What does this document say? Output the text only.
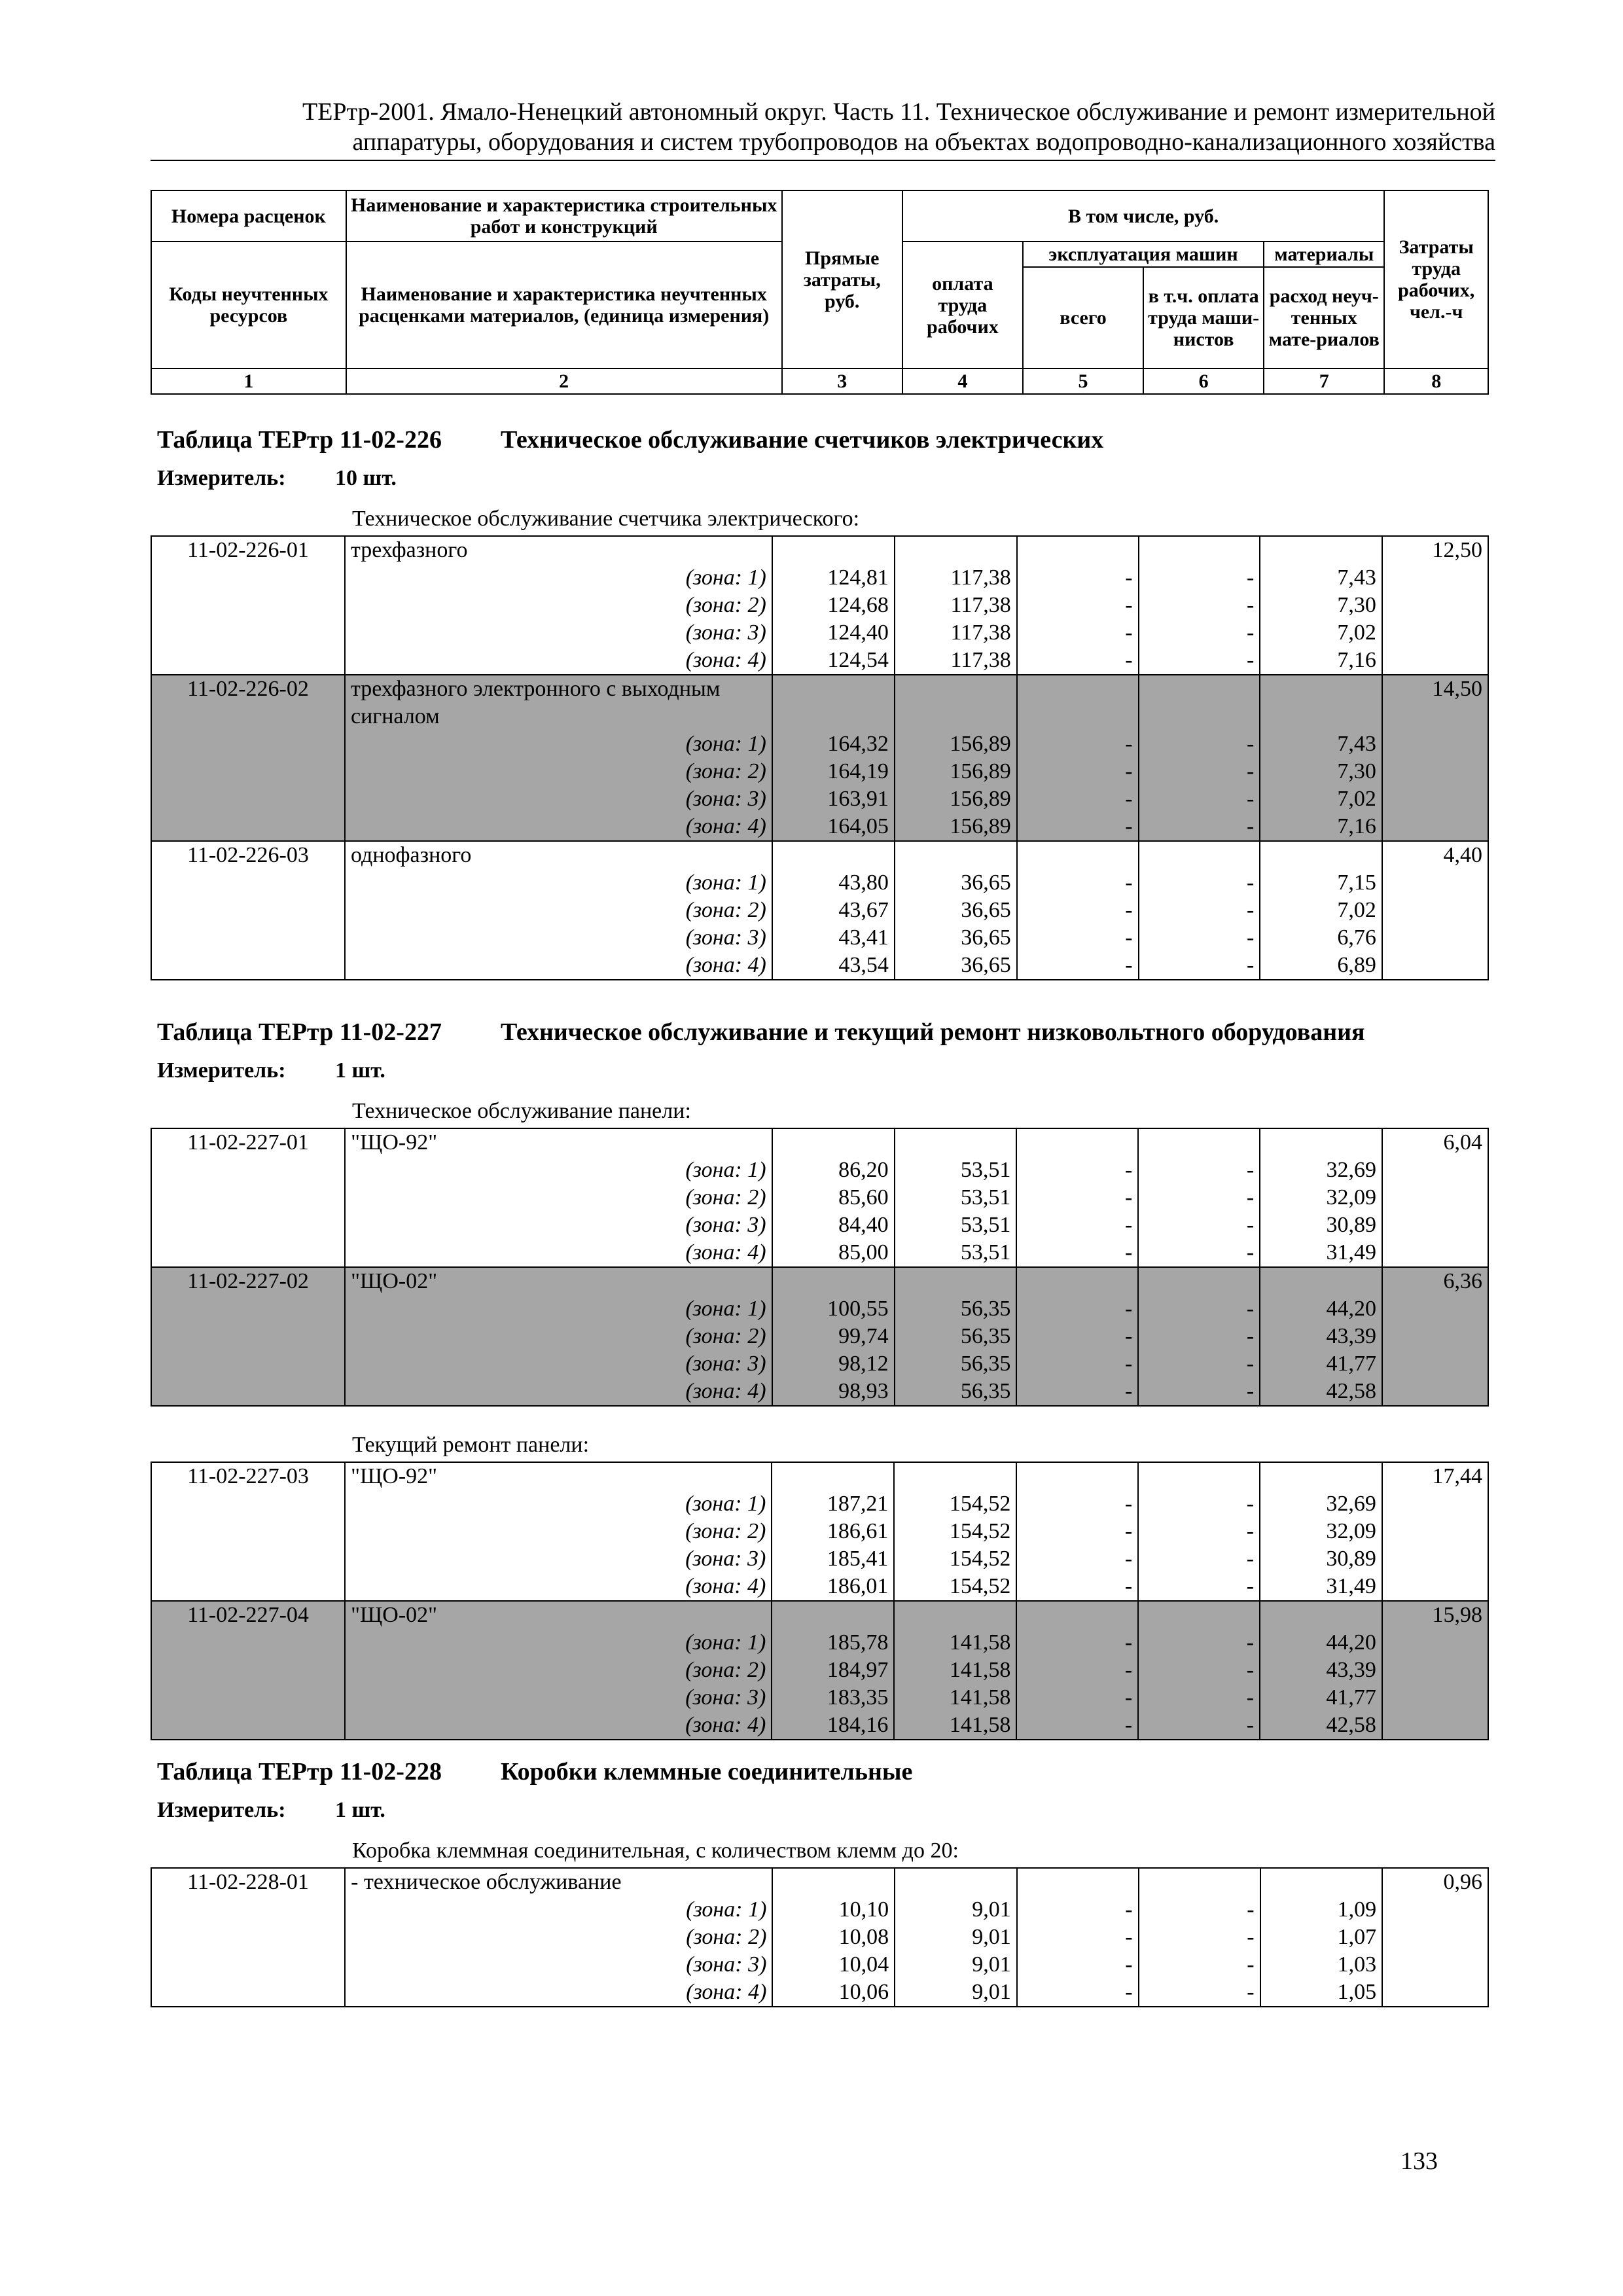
ТЕРтр-2001. Ямало-Ненецкий автономный округ. Часть 11. Техническое обслуживание и ремонт измерительной
аппаратуры, оборудования и систем трубопроводов на объектах водопроводно-канализационного хозяйства
Номера расценок	Наименование и характеристика строительных работ и конструкций	Прямые затраты, руб.	В том числе, руб.	Затраты труда рабочих, чел.-ч

Коды неучтенных ресурсов	Наименование и характеристика неучтенных расценками материалов, (единица измерения)	
оплата труда рабочих	эксплуатация машин	материалы
всего	в т.ч. оплата труда маши-нистов	расход неуч-тенных мате-риалов

1	2	3	4	5	6	7	8
Таблица ТЕРтр 11-02-226 Техническое обслуживание счетчиков электрических
Измеритель: 10 шт.
Техническое обслуживание счетчика электрического:
11-02-226-01	трехфазного						12,50
	(зона: 1)	124,81	117,38	-	-	7,43	
	(зона: 2)	124,68	117,38	-	-	7,30	
	(зона: 3)	124,40	117,38	-	-	7,02	
	(зона: 4)	124,54	117,38	-	-	7,16	
11-02-226-02	трехфазного электронного с выходным сигналом						14,50
	(зона: 1)	164,32	156,89	-	-	7,43	
	(зона: 2)	164,19	156,89	-	-	7,30	
	(зона: 3)	163,91	156,89	-	-	7,02	
	(зона: 4)	164,05	156,89	-	-	7,16	
11-02-226-03	однофазного						4,40
	(зона: 1)	43,80	36,65	-	-	7,15	
	(зона: 2)	43,67	36,65	-	-	7,02	
	(зона: 3)	43,41	36,65	-	-	6,76	
	(зона: 4)	43,54	36,65	-	-	6,89	
Таблица ТЕРтр 11-02-227 Техническое обслуживание и текущий ремонт низковольтного оборудования
Измеритель: 1 шт.
Техническое обслуживание панели:
11-02-227-01	"ЩО-92"						6,04
	(зона: 1)	86,20	53,51	-	-	32,69	
	(зона: 2)	85,60	53,51	-	-	32,09	
	(зона: 3)	84,40	53,51	-	-	30,89	
	(зона: 4)	85,00	53,51	-	-	31,49	
11-02-227-02	"ЩО-02"						6,36
	(зона: 1)	100,55	56,35	-	-	44,20	
	(зона: 2)	99,74	56,35	-	-	43,39	
	(зона: 3)	98,12	56,35	-	-	41,77	
	(зона: 4)	98,93	56,35	-	-	42,58	
Текущий ремонт панели:
11-02-227-03	"ЩО-92"						17,44
	(зона: 1)	187,21	154,52	-	-	32,69	
	(зона: 2)	186,61	154,52	-	-	32,09	
	(зона: 3)	185,41	154,52	-	-	30,89	
	(зона: 4)	186,01	154,52	-	-	31,49	
11-02-227-04	"ЩО-02"						15,98
	(зона: 1)	185,78	141,58	-	-	44,20	
	(зона: 2)	184,97	141,58	-	-	43,39	
	(зона: 3)	183,35	141,58	-	-	41,77	
	(зона: 4)	184,16	141,58	-	-	42,58	
Таблица ТЕРтр 11-02-228 Коробки клеммные соединительные
Измеритель: 1 шт.
Коробка клеммная соединительная, с количеством клемм до 20:
11-02-228-01	- техническое обслуживание						0,96
	(зона: 1)	10,10	9,01	-	-	1,09	
	(зона: 2)	10,08	9,01	-	-	1,07	
	(зона: 3)	10,04	9,01	-	-	1,03	
	(зона: 4)	10,06	9,01	-	-	1,05	
133
